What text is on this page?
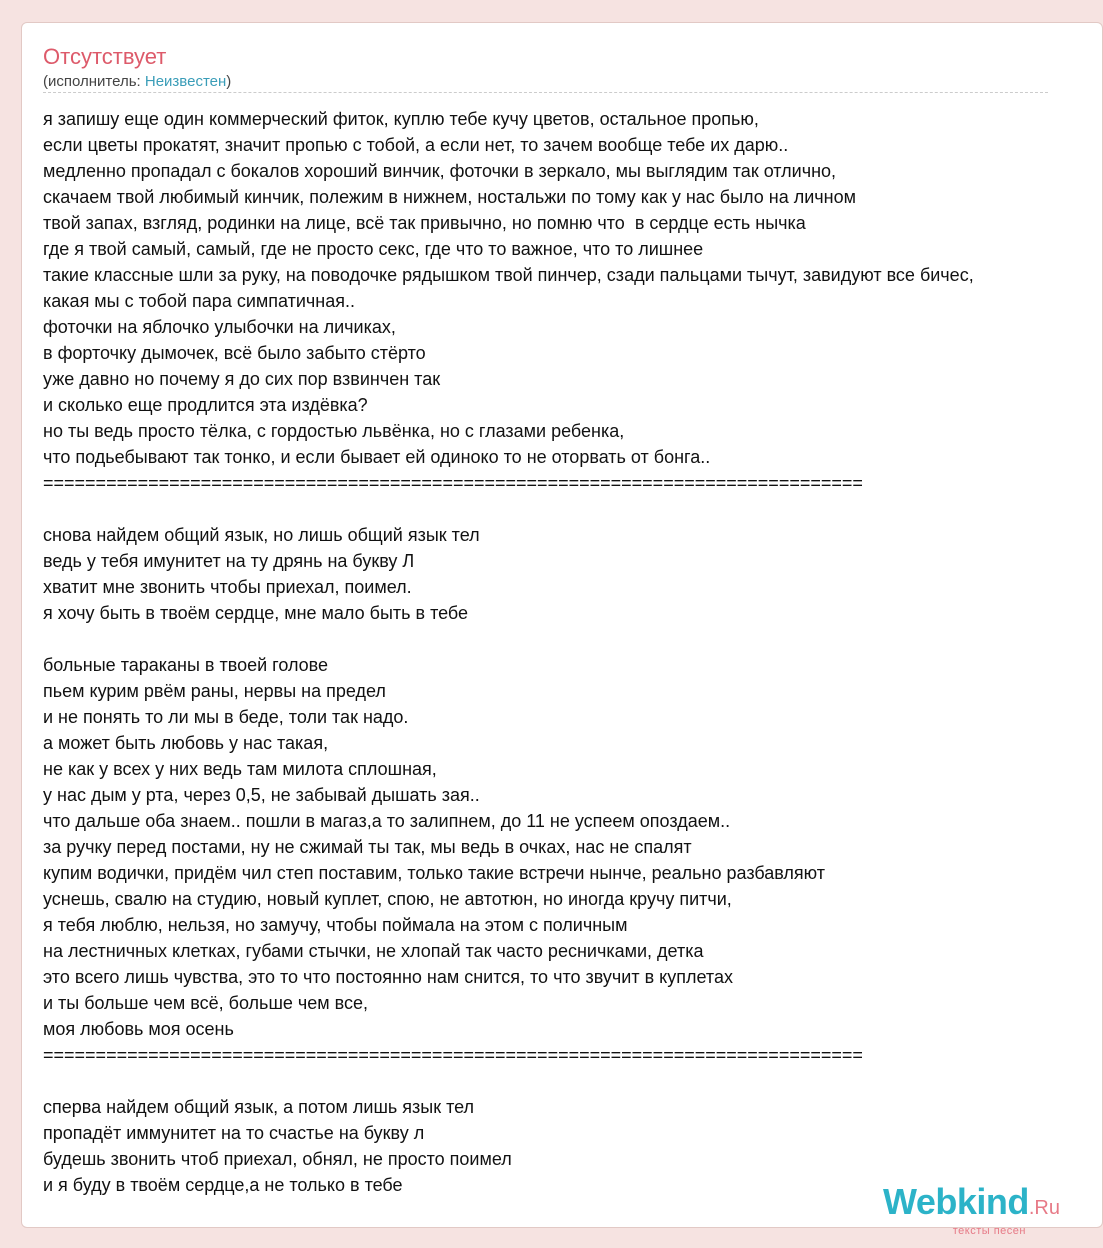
Отсутствует
(исполнитель: Неизвестен)
я запишу еще один коммерческий фиток, куплю тебе кучу цветов, остальное пропью,
если цветы прокатят, значит пропью с тобой, а если нет, то зачем вообще тебе их дарю..
медленно пропадал с бокалов хороший винчик, фоточки в зеркало, мы выглядим так отлично,
скачаем твой любимый кинчик, полежим в нижнем, ностальжи по тому как у нас было на личном
твой запах, взгляд, родинки на лице, всё так привычно, но помню что  в сердце есть нычка
где я твой самый, самый, где не просто секс, где что то важное, что то лишнее
такие классные шли за руку, на поводочке рядышком твой пинчер, сзади пальцами тычут, завидуют все бичес,
какая мы с тобой пара симпатичная..
фоточки на яблочко улыбочки на личиках,
в форточку дымочек, всё было забыто стёрто
уже давно но почему я до сих пор взвинчен так
и сколько еще продлится эта издёвка?
но ты ведь просто тёлка, с гордостью львёнка, но с глазами ребенка,
что подьебывают так тонко, и если бывает ей одиноко то не оторвать от бонга..
==============================================================================
снова найдем общий язык, но лишь общий язык тел
ведь у тебя имунитет на ту дрянь на букву Л
хватит мне звонить чтобы приехал, поимел.
я хочу быть в твоём сердце, мне мало быть в тебе
больные тараканы в твоей голове
пьем курим рвём раны, нервы на предел
и не понять то ли мы в беде, толи так надо.
а может быть любовь у нас такая,
не как у всех у них ведь там милота сплошная,
у нас дым у рта, через 0,5, не забывай дышать зая..
что дальше оба знаем.. пошли в магаз,а то залипнем, до 11 не успеем опоздаем..
за ручку перед постами, ну не сжимай ты так, мы ведь в очках, нас не спалят
купим водички, придём чил степ поставим, только такие встречи нынче, реально разбавляют
уснешь, свалю на студию, новый куплет, спою, не автотюн, но иногда кручу питчи,
я тебя люблю, нельзя, но замучу, чтобы поймала на этом с поличным
на лестничных клетках, губами стычки, не хлопай так часто ресничками, детка
это всего лишь чувства, это то что постоянно нам снится, то что звучит в куплетах
и ты больше чем всё, больше чем все,
моя любовь моя осень
==============================================================================
сперва найдем общий язык, а потом лишь язык тел
пропадёт иммунитет на то счастье на букву л
будешь звонить чтоб приехал, обнял, не просто поимел
и я буду в твоём сердце,а не только в тебе	Webkind.Ru
тексты песен
